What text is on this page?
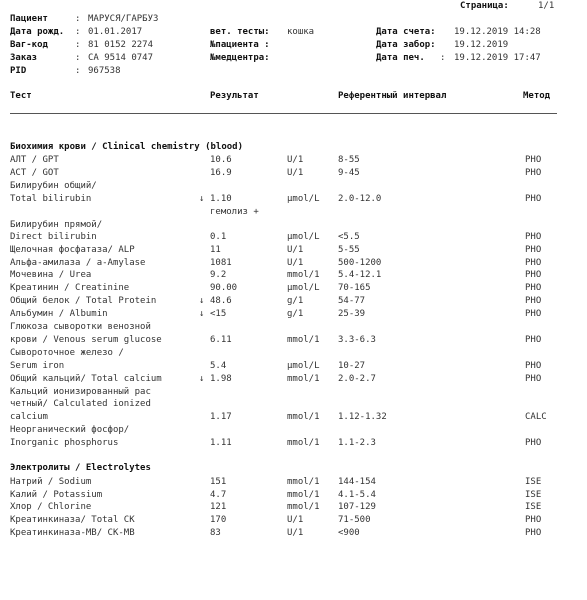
Страница:	1/1
Пациент	: МАРУСЯ/ГАРБУЗ
Дата рожд. : 01.01.2017
Ваг-код	: 81 0152 2274
Заказ	: CA 9514 0747
PID	: 967538
вет. тесты: кошка
№пациента :
№медцентра:
Дата счета: 19.12.2019 14:28
Дата забор: 19.12.2019
Дата печ. : 19.12.2019 17:47
Тест	Результат	Референтный интервал	Метод
Биохимия крови / Clinical chemistry (blood)
Электролиты / Electrolytes
АЛТ / GPT	10.6	U/1	8-55	PHO
АСТ / GOT	16.9	U/1	9-45	PHO
Билирубин общий/
Total bilirubin	↓ 1.10	µmol/L 2.0-12.0	PHO
гемолиз +
Билирубин прямой/
Direct bilirubin	0.1	µmol/L <5.5	PHO
Щелочная фосфатаза/ ALP	11	U/1	5-55	PHO
Альфа-амилаза / a-Amylase	1081	U/1	500-1200	PHO
Мочевина / Urea	9.2	mmol/1 5.4-12.1	PHO
Креатинин / Creatinine	90.00	µmol/L 70-165	PHO
Общий белок / Total Protein	↓ 48.6	g/1	54-77	PHO
Альбумин / Albumin	↓ <15	g/1	25-39	PHO
Глюкоза сыворотки венозной
крови / Venous serum glucose	6.11	mmol/1 3.3-6.3	PHO
Сывороточное железо /
Serum iron	5.4	µmol/L 10-27	PHO
Общий кальций/ Total calcium	↓ 1.98	mmol/1 2.0-2.7	PHO
Кальций ионизированный рас
четный/ Calculated ionized
calcium	1.17	mmol/1 1.12-1.32	CALC
Неорганический фосфор/
Inorganic phosphorus	1.11	mmol/1 1.1-2.3	PHO
Натрий / Sodium	151	mmol/1 144-154	ISE
Калий / Potassium	4.7	mmol/1 4.1-5.4	ISE
Хлор / Chlorine	121	mmol/1 107-129	ISE
Креатинкиназа/ Total CK	170	U/1	71-500	PHO
Креатинкиназа-MB/ CK-MB	83	U/1	<900	PHO
